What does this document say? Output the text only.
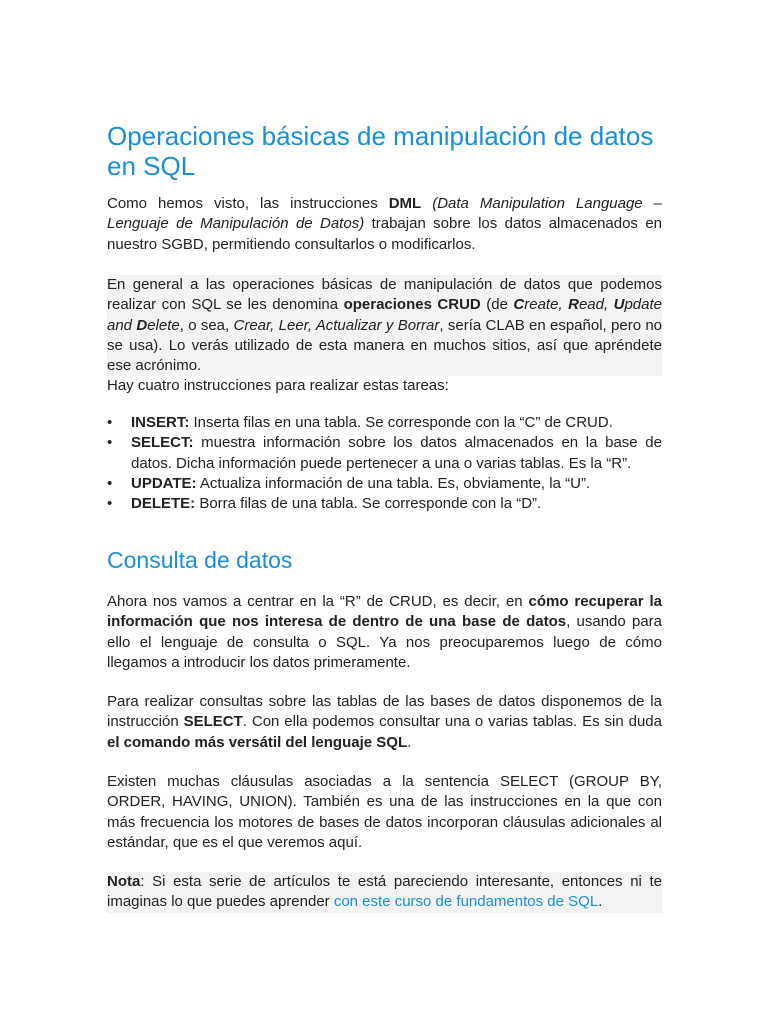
Operaciones básicas de manipulación de datos en SQL

Como hemos visto, las instrucciones DML (Data Manipulation Language – Lenguaje de Manipulación de Datos) trabajan sobre los datos almacenados en nuestro SGBD, permitiendo consultarlos o modificarlos.

En general a las operaciones básicas de manipulación de datos que podemos realizar con SQL se les denomina operaciones CRUD (de Create, Read, Update and Delete, o sea, Crear, Leer, Actualizar y Borrar, sería CLAB en español, pero no se usa). Lo verás utilizado de esta manera en muchos sitios, así que apréndete ese acrónimo.

Hay cuatro instrucciones para realizar estas tareas:

• INSERT: Inserta filas en una tabla. Se corresponde con la “C” de CRUD.
• SELECT: muestra información sobre los datos almacenados en la base de datos. Dicha información puede pertenecer a una o varias tablas. Es la “R”.
• UPDATE: Actualiza información de una tabla. Es, obviamente, la “U”.
• DELETE: Borra filas de una tabla. Se corresponde con la “D”.
Consulta de datos

Ahora nos vamos a centrar en la “R” de CRUD, es decir, en cómo recuperar la información que nos interesa de dentro de una base de datos, usando para ello el lenguaje de consulta o SQL. Ya nos preocuparemos luego de cómo llegamos a introducir los datos primeramente.

Para realizar consultas sobre las tablas de las bases de datos disponemos de la instrucción SELECT. Con ella podemos consultar una o varias tablas. Es sin duda el comando más versátil del lenguaje SQL.

Existen muchas cláusulas asociadas a la sentencia SELECT (GROUP BY, ORDER, HAVING, UNION). También es una de las instrucciones en la que con más frecuencia los motores de bases de datos incorporan cláusulas adicionales al estándar, que es el que veremos aquí.

Nota: Si esta serie de artículos te está pareciendo interesante, entonces ni te imaginas lo que puedes aprender con este curso de fundamentos de SQL.
